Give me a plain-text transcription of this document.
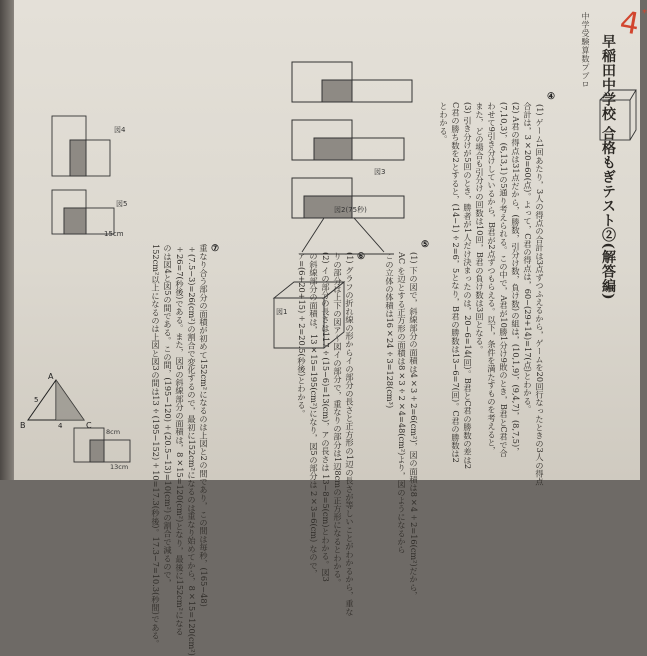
4 *
早稲田中学校 合格もぎテスト②(解答編)
中学受験算数プブロ
④
(1) ゲーム1回あたり，3人の得点の合計は3点ずつふえるから，ゲームを20回行なったときの3人の得点
合計は，3×20=60(点)。よって，C君の得点は，60−(29+14)=17(点)とわかる。
(2) A君の得点は31点だから，(勝数，引分け数，負け数)の組は，(10,1,9)，(9,4,7)，(8,7,5)，
(7,10,3)，(6,13,1)の5通り考えられる。この中で，A君が10勝1分け9敗のとき，B君とC君で合
わせて9引き分けしているから，B君が2点ずつもらえる。以下，条件を満たすものを考えると，
また，どの場合も引分けの回数は10回，B君の負け数は3回となる。
(3) 引き分けが5回のとき，勝者が1人だけ決まったのは，20−6=14(回)。B君とC君の勝数の差は2
C君の勝ち数を2とすると，(14−1)÷2=6，5となり，B君の勝数は13−6=7(回)。C君の勝数は2
とわかる。
⑤
(1) 下の図で，斜線部分の面積は4×3÷2=6(cm²)，図の面積は8×4÷2=16(cm²)だから，
AC を辺とする正方形の面積は8×3÷2×4=48(cm²)より，図のようになるから
この立体の体積は16×24÷3=128(cm³)
⑥
(1) グラフの折れ線の形からイの部分の長さと正方形の1辺の長さが等しいことがわかるから，重な
りの部分は上下の図ア〜図イの部分で，重なりの部分は1辺8cmの正方形になるとわかる。
(2) イの部分の長さは117÷(15−6)=13(cm)，アの長さは 13−8=5(cm)とわかる。図3
の斜線部分の面積は，13×15=195(cm²)になり，図5の部分は 2×3=6(cm) なので，
ア=(6+20+15)÷2=20.5(秒後)とわかる。
⑦
重なり合う部分の面積が初めて152cm²になるのは上図と2の間であり，この間は毎秒，(165−48)
÷(7.5−3)=26(cm²)の割合で変化するので，最初に152cm²になるのは重なり始めてから，8×15=120(cm²)
÷26=7(秒後)である。また，図5の斜線部分の面積は，8×15=120(cm²)となり，最後に152cm²になる
のは図4と図5の間である。この間，(195−120)÷(20.5−13)=10(cm²)の割合で減るので，
152cm²以上になるのは上図と図3の間は13÷(195−152)÷10=17.3(秒後)。17.3−7=10.3(秒間)である。
図3
図2(75秒)
図1
A
B	C
5
4
図4
図5
15cm
8cm
13cm
